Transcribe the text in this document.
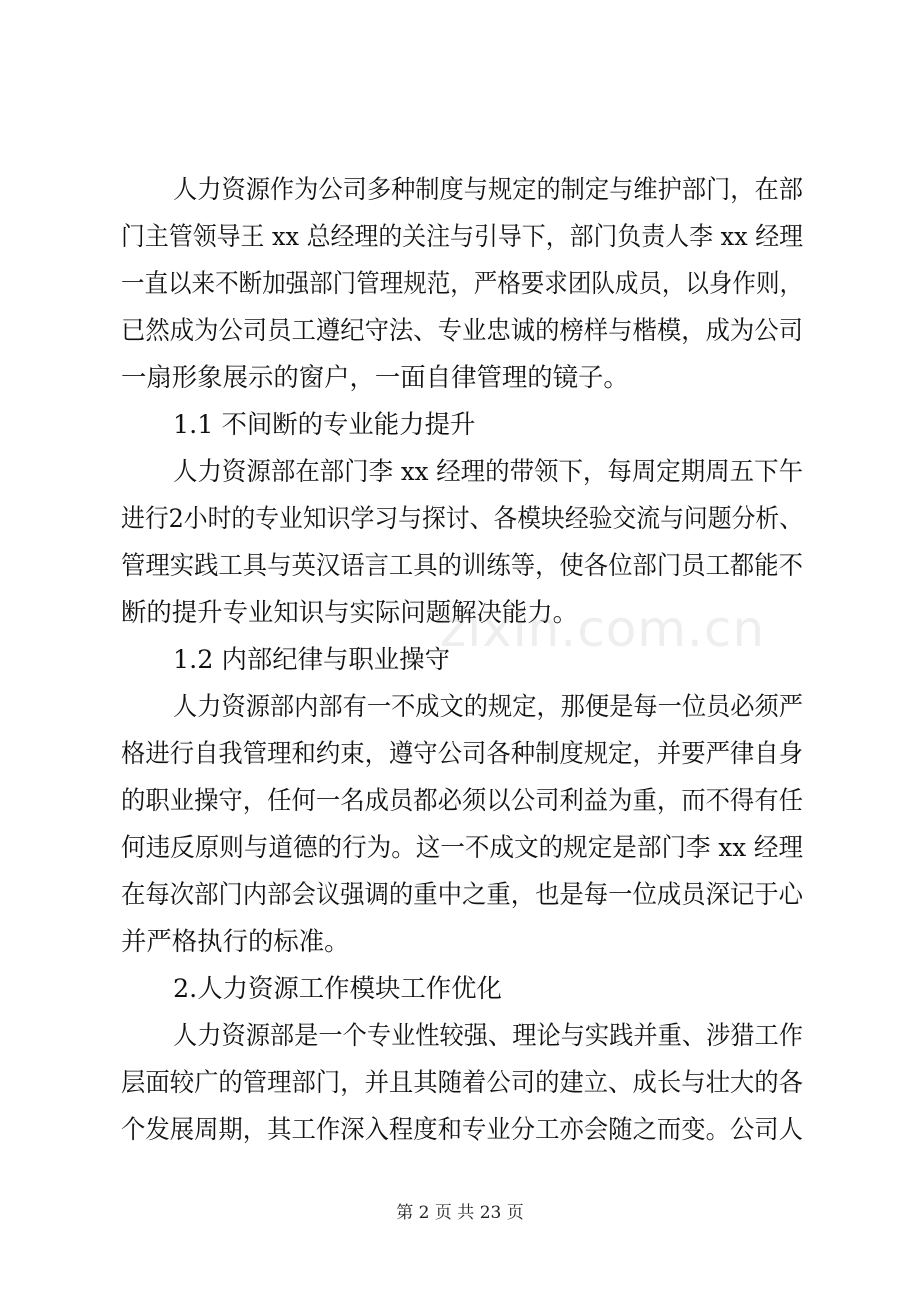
人力资源作为公司多种制度与规定的制定与维护部门，在部
门主管领导王 xx 总经理的关注与引导下，部门负责人李 xx 经理
一直以来不断加强部门管理规范，严格要求团队成员，以身作则，
已然成为公司员工遵纪守法、专业忠诚的榜样与楷模，成为公司
一扇形象展示的窗户，一面自律管理的镜子。
1.1 不间断的专业能力提升
人力资源部在部门李 xx 经理的带领下，每周定期周五下午
进行2小时的专业知识学习与探讨、各模块经验交流与问题分析、
管理实践工具与英汉语言工具的训练等，使各位部门员工都能不
断的提升专业知识与实际问题解决能力。
1.2 内部纪律与职业操守
人力资源部内部有一不成文的规定，那便是每一位员必须严
格进行自我管理和约束，遵守公司各种制度规定，并要严律自身
的职业操守，任何一名成员都必须以公司利益为重，而不得有任
何违反原则与道德的行为。这一不成文的规定是部门李 xx 经理
在每次部门内部会议强调的重中之重，也是每一位成员深记于心
并严格执行的标准。
2.人力资源工作模块工作优化
人力资源部是一个专业性较强、理论与实践并重、涉猎工作
层面较广的管理部门，并且其随着公司的建立、成长与壮大的各
个发展周期，其工作深入程度和专业分工亦会随之而变。公司人
zixin.com.cn
第 2 页 共 23 页
